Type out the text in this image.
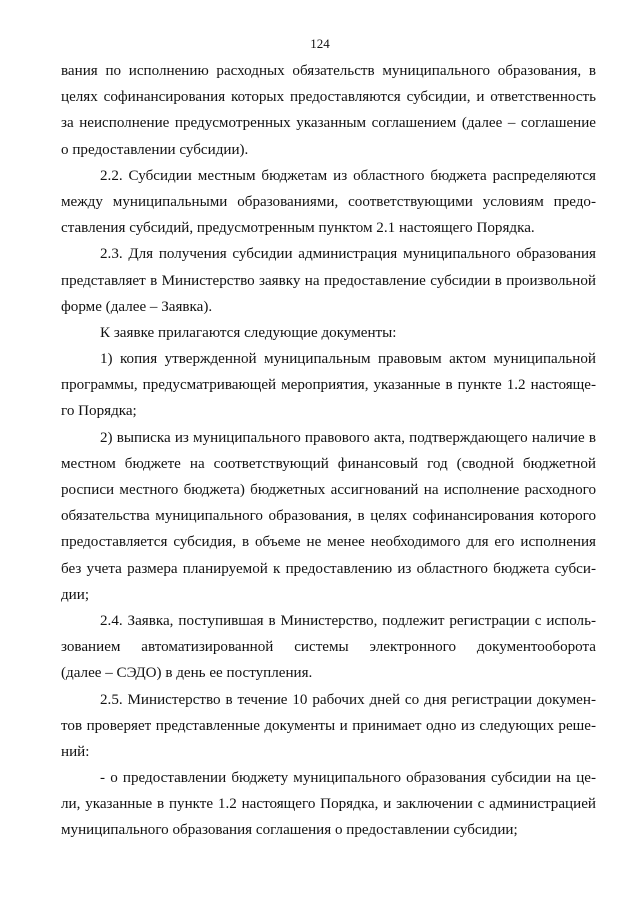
124
вания по исполнению расходных обязательств муниципального образования, в
целях софинансирования которых предоставляются субсидии, и ответственность
за неисполнение предусмотренных указанным соглашением (далее – соглашение
о предоставлении субсидии).
2.2. Субсидии местным бюджетам из областного бюджета распределяются
между муниципальными образованиями, соответствующими условиям предо-
ставления субсидий, предусмотренным пунктом 2.1 настоящего Порядка.
2.3. Для получения субсидии администрация муниципального образования
представляет в Министерство заявку на предоставление субсидии в произвольной
форме (далее – Заявка).
К заявке прилагаются следующие документы:
1) копия утвержденной муниципальным правовым актом муниципальной
программы, предусматривающей мероприятия, указанные в пункте 1.2 настояще-
го Порядка;
2) выписка из муниципального правового акта, подтверждающего наличие в
местном бюджете на соответствующий финансовый год (сводной бюджетной
росписи местного бюджета) бюджетных ассигнований на исполнение расходного
обязательства муниципального образования, в целях софинансирования которого
предоставляется субсидия, в объеме не менее необходимого для его исполнения
без учета размера планируемой к предоставлению из областного бюджета субси-
дии;
2.4. Заявка, поступившая в Министерство, подлежит регистрации с исполь-
зованием автоматизированной системы электронного документооборота
(далее – СЭДО) в день ее поступления.
2.5. Министерство в течение 10 рабочих дней со дня регистрации докумен-
тов проверяет представленные документы и принимает одно из следующих реше-
ний:
- о предоставлении бюджету муниципального образования субсидии на це-
ли, указанные в пункте 1.2 настоящего Порядка, и заключении с администрацией
муниципального образования соглашения о предоставлении субсидии;
